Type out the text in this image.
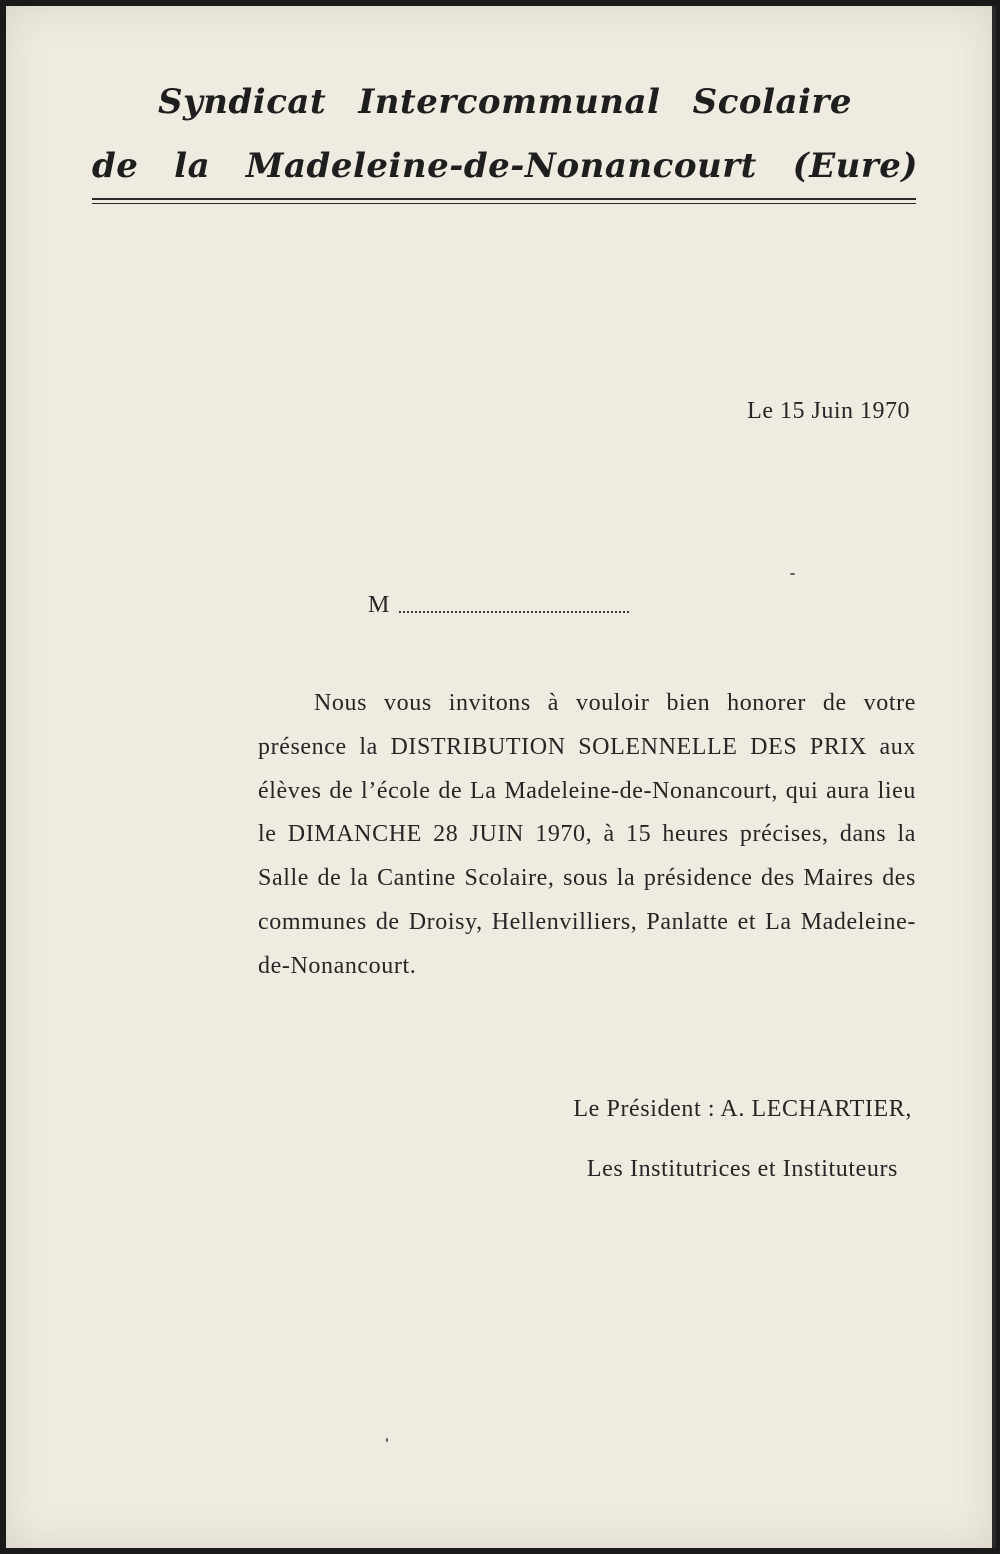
Syndicat Intercommunal Scolaire
de la Madeleine-de-Nonancourt (Eure)
Le 15 Juin 1970
M

Nous vous invitons à vouloir bien honorer de votre présence la DISTRIBUTION SOLENNELLE DES PRIX aux élèves de l’école de La Madeleine-de-Nonancourt, qui aura lieu le DIMANCHE 28 JUIN 1970, à 15 heures précises, dans la Salle de la Cantine Scolaire, sous la présidence des Maires des communes de Droisy, Hellenvilliers, Panlatte et La Madeleine-de-Nonancourt.

Le Président : A. LECHARTIER,
Les Institutrices et Instituteurs
